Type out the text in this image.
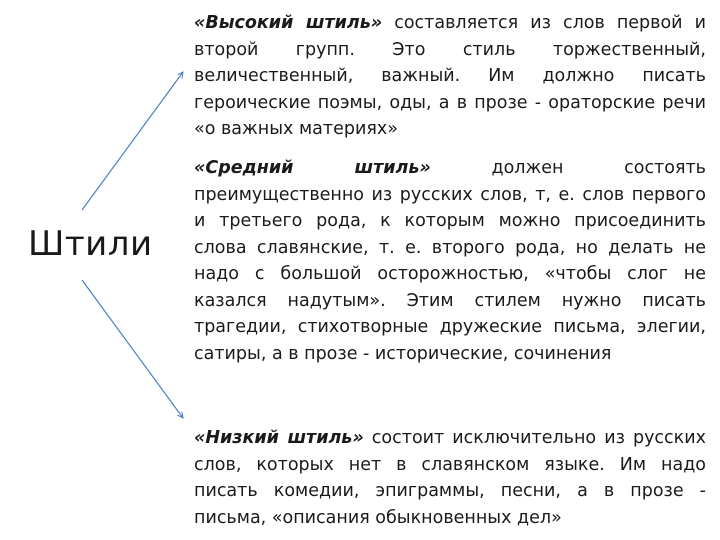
Штили

«Высокий штиль» составляется из слов первой и второй групп. Это стиль торжественный, величественный, важный. Им должно писать героические поэмы, оды, а в прозе - ораторские речи «о важных материях»

«Средний штиль» должен состоять преимущественно из русских слов, т, е. слов первого и третьего рода, к которым можно присоединить слова славянские, т. е. второго рода, но делать не надо с большой осторожностью, «чтобы слог не казался надутым». Этим стилем нужно писать трагедии, стихотворные дружеские письма, элегии, сатиры, а в прозе - исторические, сочинения

«Низкий штиль» состоит исключительно из русских слов, которых нет в славянском языке. Им надо писать комедии, эпиграммы, песни, а в прозе - письма, «описания обыкновенных дел»
